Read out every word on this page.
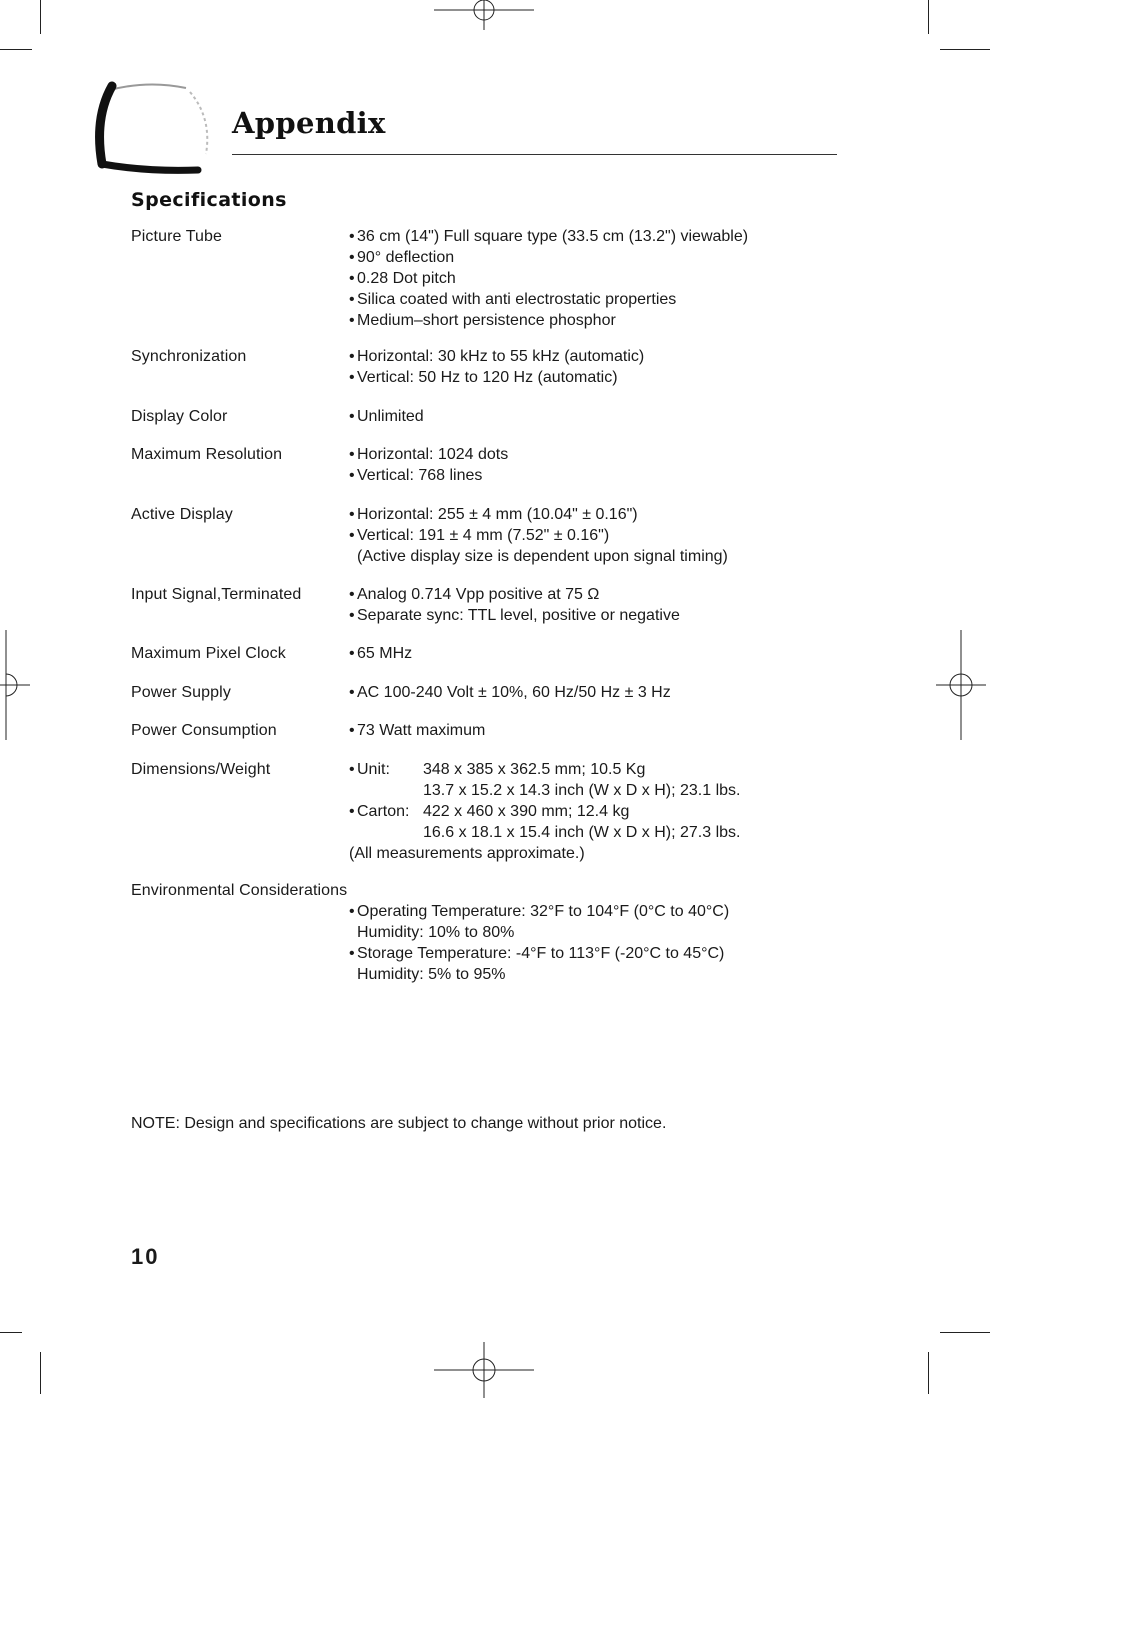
Appendix
Specifications
Picture Tube	• 36 cm (14") Full square type (33.5 cm (13.2") viewable)
• 90° deflection
• 0.28 Dot pitch
• Silica coated with anti electrostatic properties
• Medium–short persistence phosphor
Synchronization	• Horizontal: 30 kHz to 55 kHz (automatic)
• Vertical: 50 Hz to 120 Hz (automatic)
Display Color	• Unlimited
Maximum Resolution	• Horizontal: 1024 dots
• Vertical: 768 lines
Active Display	• Horizontal: 255 ± 4 mm (10.04" ± 0.16")
• Vertical: 191 ± 4 mm (7.52" ± 0.16")
(Active display size is dependent upon signal timing)
Input Signal,Terminated	• Analog 0.714 Vpp positive at 75 Ω
• Separate sync: TTL level, positive or negative
Maximum Pixel Clock	• 65 MHz
Power Supply	• AC 100-240 Volt ± 10%, 60 Hz/50 Hz ± 3 Hz
Power Consumption	• 73 Watt maximum
Dimensions/Weight	• Unit: 348 x 385 x 362.5 mm; 10.5 Kg
13.7 x 15.2 x 14.3 inch (W x D x H); 23.1 lbs.
• Carton: 422 x 460 x 390 mm; 12.4 kg
16.6 x 18.1 x 15.4 inch (W x D x H); 27.3 lbs.
(All measurements approximate.)
Environmental Considerations
• Operating Temperature: 32°F to 104°F (0°C to 40°C)
Humidity: 10% to 80%
• Storage Temperature: -4°F to 113°F (-20°C to 45°C)
Humidity: 5% to 95%

NOTE: Design and specifications are subject to change without prior notice.

10
